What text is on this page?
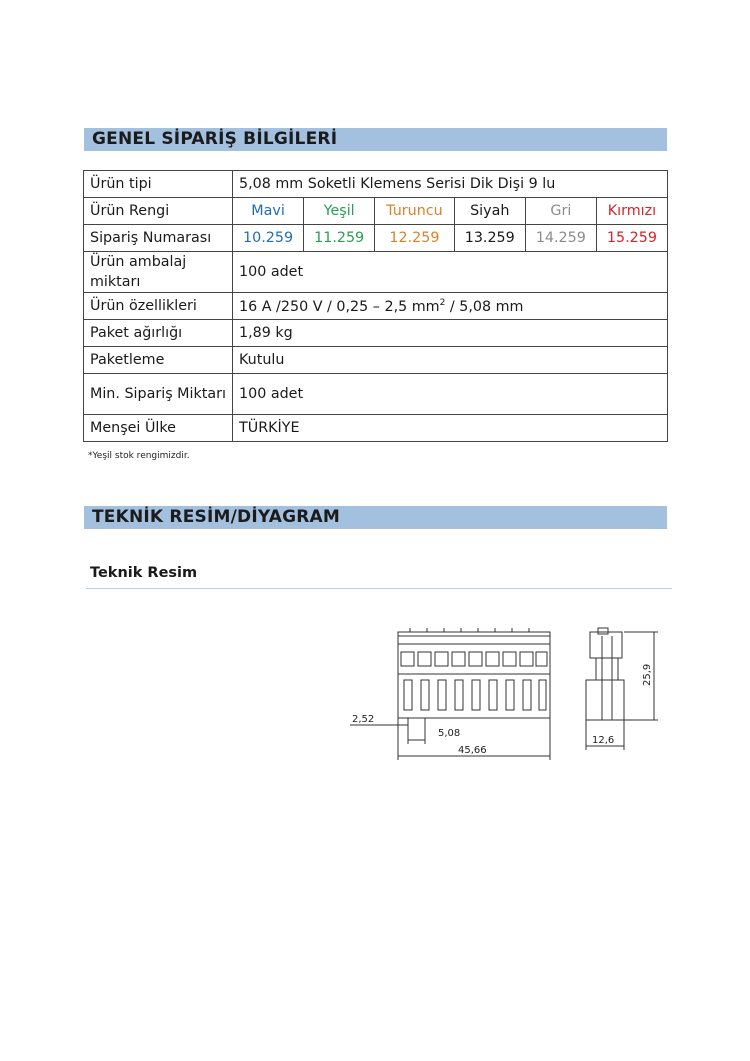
GENEL SİPARİŞ BİLGİLERİ
Ürün tipi	5,08 mm Soketli Klemens Serisi Dik Dişi 9 lu					
Ürün Rengi	Mavi	Yeşil	Turuncu	Siyah	Gri	Kırmızı
Sipariş Numarası	10.259	11.259	12.259	13.259	14.259	15.259
Ürün ambalaj miktarı	100 adet					
Ürün özellikleri	16 A /250 V / 0,25 – 2,5 $mm^2 / 5,08$ mm					
Paket ağırlığı	1,89 kg					
Paketleme	Kutulu					
Min. Sipariş Miktarı	100 adet					
Menşei Ülke	TÜRKİYE					
*Yeşil stok rengimizdir.
TEKNİK RESİM/DİYAGRAM
Teknik Resim
2,52
5,08
45,66
25,9
12,6
